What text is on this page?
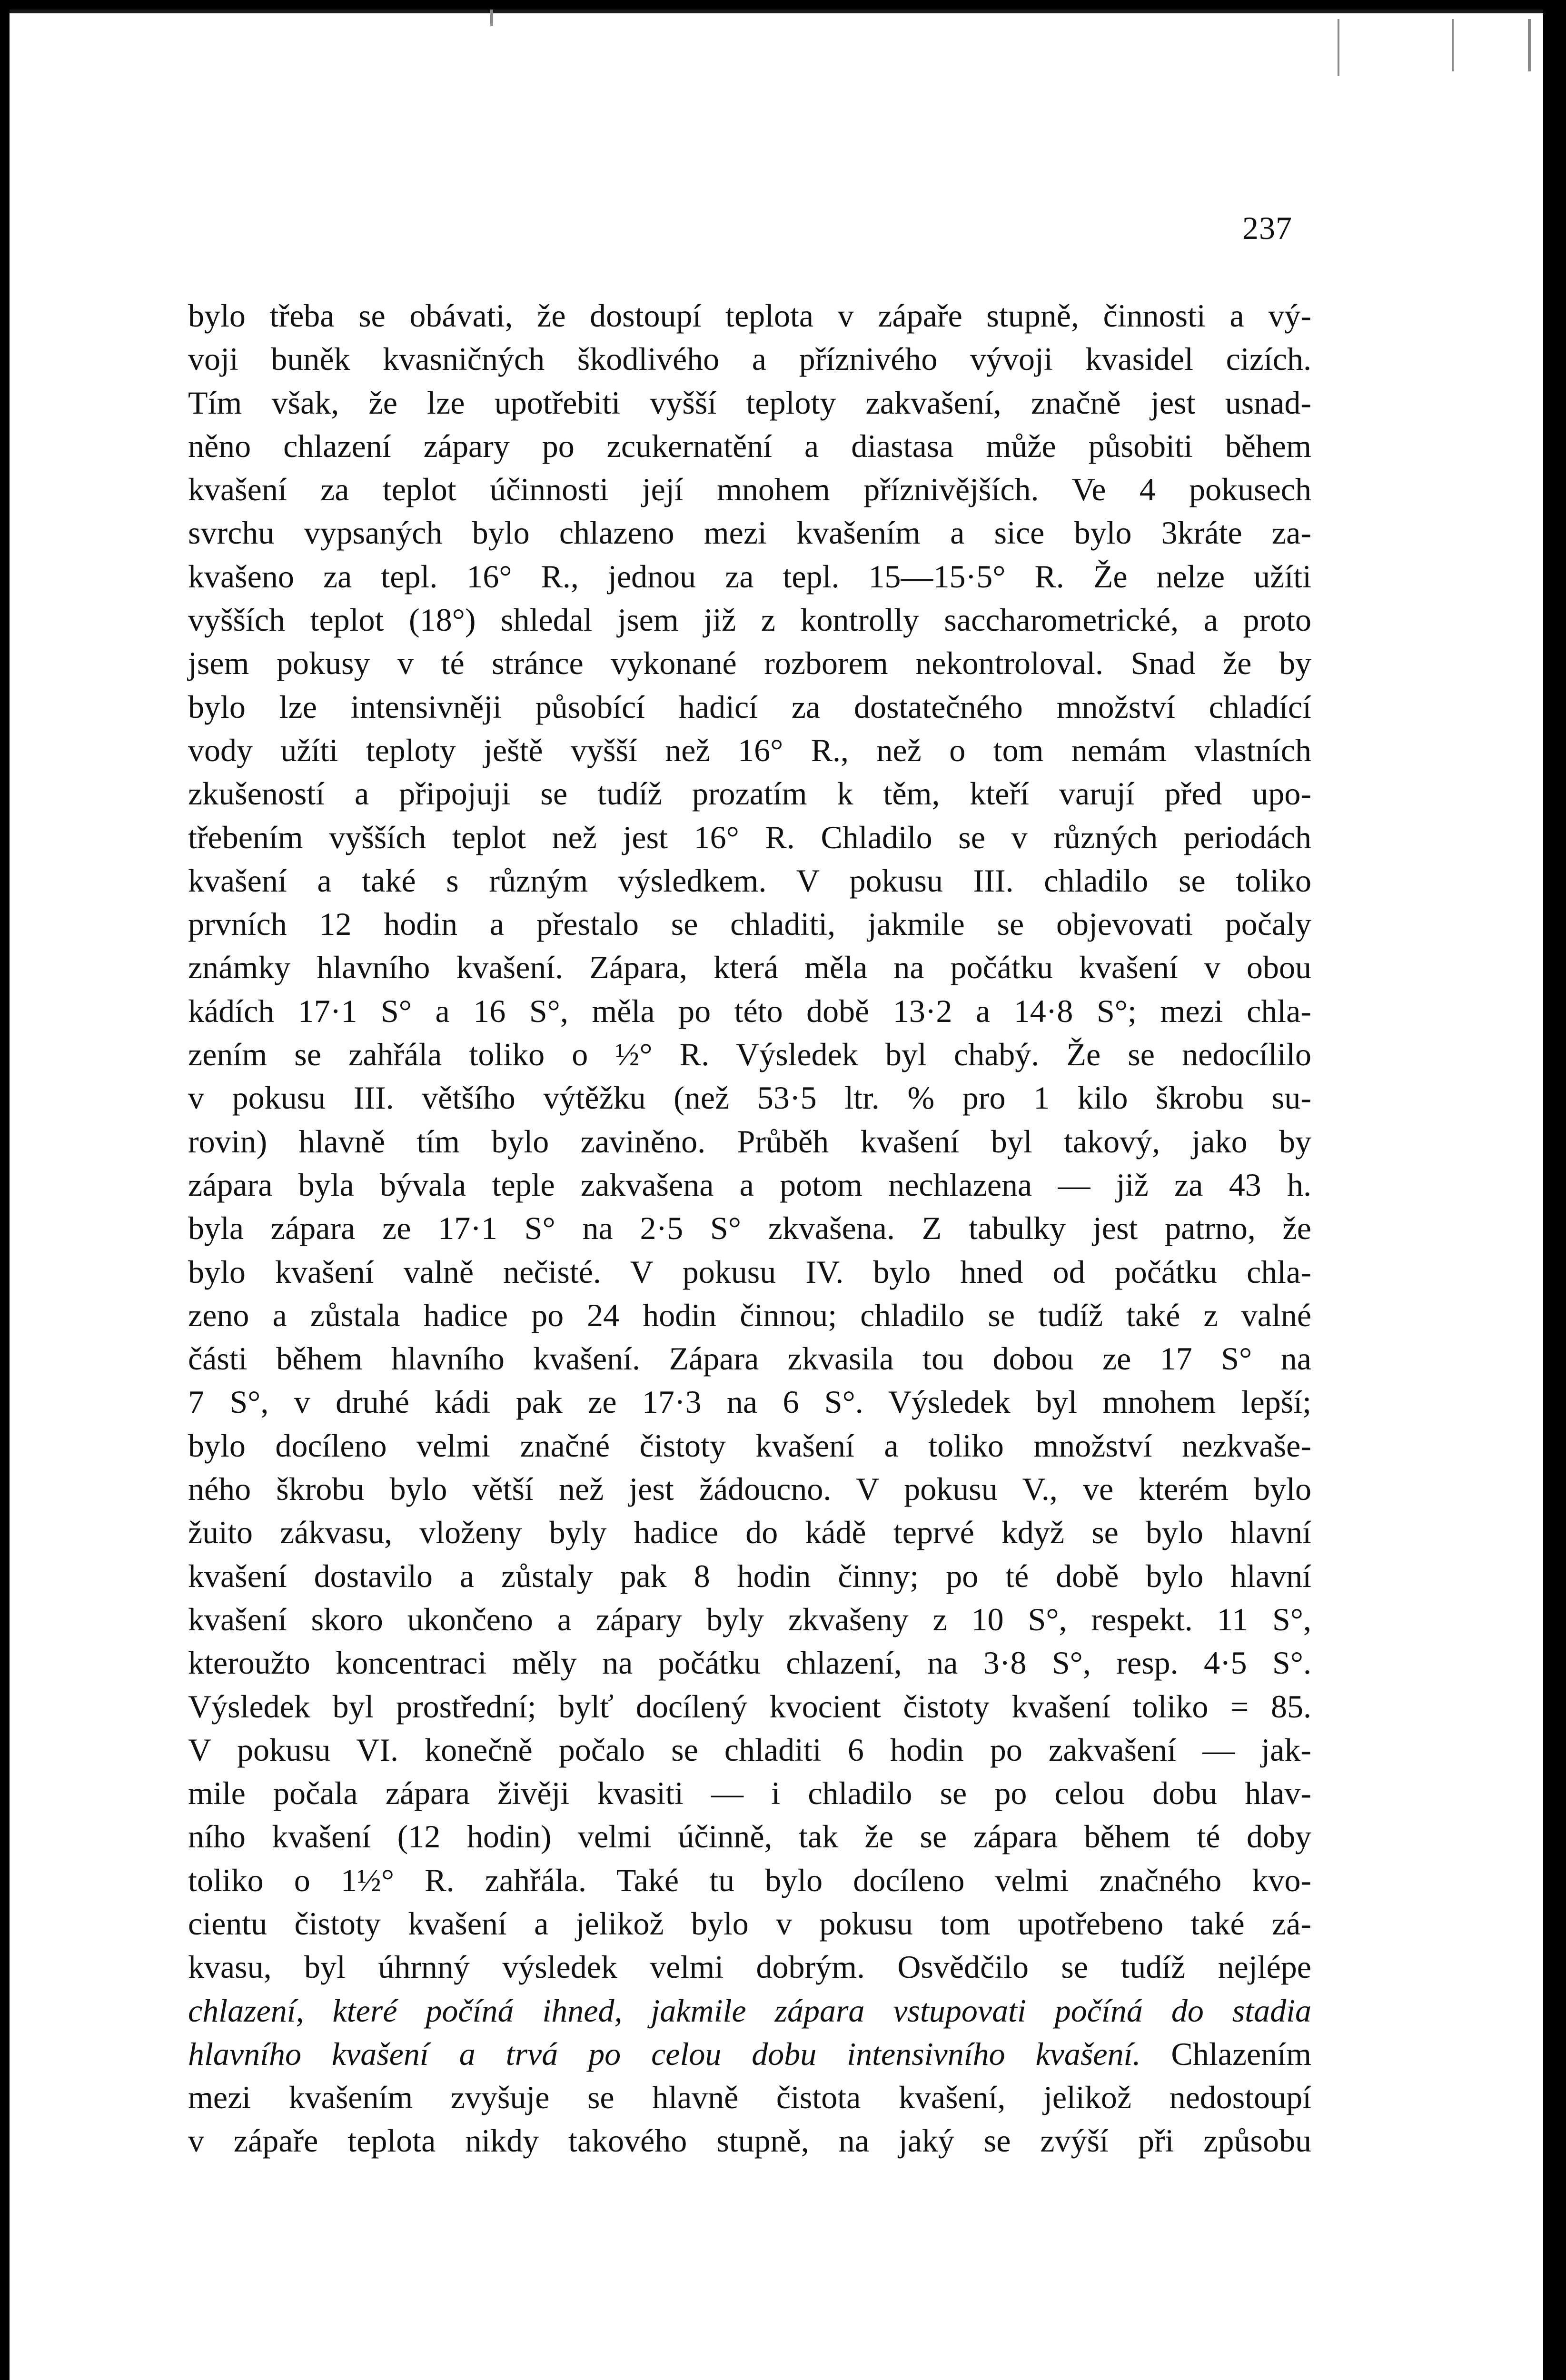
237
bylo třeba se obávati, že dostoupí teplota v zápaře stupně, činnosti a vý-
voji buněk kvasničných škodlivého a příznivého vývoji kvasidel cizích.
Tím však, že lze upotřebiti vyšší teploty zakvašení, značně jest usnad-
něno chlazení zápary po zcukernatění a diastasa může působiti během
kvašení za teplot účinnosti její mnohem příznivějších. Ve 4 pokusech
svrchu vypsaných bylo chlazeno mezi kvašením a sice bylo 3kráte za-
kvašeno za tepl. 16° R., jednou za tepl. 15—15·5° R. Že nelze užíti
vyšších teplot (18°) shledal jsem již z kontrolly saccharometrické, a proto
jsem pokusy v té stránce vykonané rozborem nekontroloval. Snad že by
bylo lze intensivněji působící hadicí za dostatečného množství chladící
vody užíti teploty ještě vyšší než 16° R., než o tom nemám vlastních
zkušeností a připojuji se tudíž prozatím k těm, kteří varují před upo-
třebením vyšších teplot než jest 16° R. Chladilo se v různých periodách
kvašení a také s různým výsledkem. V pokusu III. chladilo se toliko
prvních 12 hodin a přestalo se chladiti, jakmile se objevovati počaly
známky hlavního kvašení. Zápara, která měla na počátku kvašení v obou
kádích 17·1 S° a 16 S°, měla po této době 13·2 a 14·8 S°; mezi chla-
zením se zahřála toliko o ½° R. Výsledek byl chabý. Že se nedocílilo
v pokusu III. většího výtěžku (než 53·5 ltr. % pro 1 kilo škrobu su-
rovin) hlavně tím bylo zaviněno. Průběh kvašení byl takový, jako by
zápara byla bývala teple zakvašena a potom nechlazena — již za 43 h.
byla zápara ze 17·1 S° na 2·5 S° zkvašena. Z tabulky jest patrno, že
bylo kvašení valně nečisté. V pokusu IV. bylo hned od počátku chla-
zeno a zůstala hadice po 24 hodin činnou; chladilo se tudíž také z valné
části během hlavního kvašení. Zápara zkvasila tou dobou ze 17 S° na
7 S°, v druhé kádi pak ze 17·3 na 6 S°. Výsledek byl mnohem lepší;
bylo docíleno velmi značné čistoty kvašení a toliko množství nezkvaše-
ného škrobu bylo větší než jest žádoucno. V pokusu V., ve kterém bylo
žuito zákvasu, vloženy byly hadice do kádě teprvé když se bylo hlavní
kvašení dostavilo a zůstaly pak 8 hodin činny; po té době bylo hlavní
kvašení skoro ukončeno a zápary byly zkvašeny z 10 S°, respekt. 11 S°,
kteroužto koncentraci měly na počátku chlazení, na 3·8 S°, resp. 4·5 S°.
Výsledek byl prostřední; bylť docílený kvocient čistoty kvašení toliko = 85.
V pokusu VI. konečně počalo se chladiti 6 hodin po zakvašení — jak-
mile počala zápara živěji kvasiti — i chladilo se po celou dobu hlav-
ního kvašení (12 hodin) velmi účinně, tak že se zápara během té doby
toliko o 1½° R. zahřála. Také tu bylo docíleno velmi značného kvo-
cientu čistoty kvašení a jelikož bylo v pokusu tom upotřebeno také zá-
kvasu, byl úhrnný výsledek velmi dobrým. Osvědčilo se tudíž nejlépe
chlazení, které počíná ihned, jakmile zápara vstupovati počíná do stadia
hlavního kvašení a trvá po celou dobu intensivního kvašení. Chlazením
mezi kvašením zvyšuje se hlavně čistota kvašení, jelikož nedostoupí
v zápaře teplota nikdy takového stupně, na jaký se zvýší při způsobu
